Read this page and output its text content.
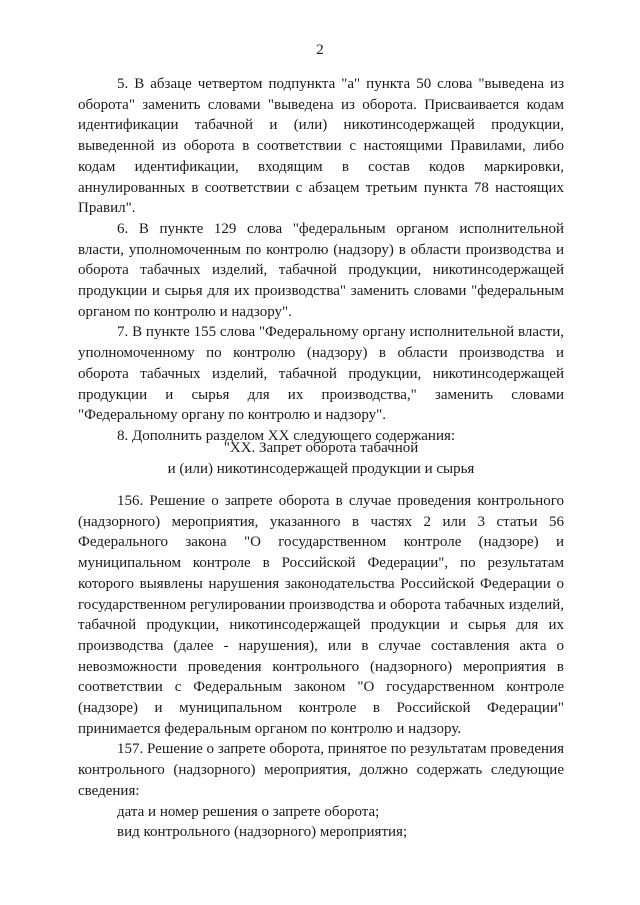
2

5. В абзаце четвертом подпункта "а" пункта 50 слова "выведена из оборота" заменить словами "выведена из оборота. Присваивается кодам идентификации табачной и (или) никотинсодержащей продукции, выведенной из оборота в соответствии с настоящими Правилами, либо кодам идентификации, входящим в состав кодов маркировки, аннулированных в соответствии с абзацем третьим пункта 78 настоящих Правил".

6. В пункте 129 слова "федеральным органом исполнительной власти, уполномоченным по контролю (надзору) в области производства и оборота табачных изделий, табачной продукции, никотинсодержащей продукции и сырья для их производства" заменить словами "федеральным органом по контролю и надзору".

7. В пункте 155 слова "Федеральному органу исполнительной власти, уполномоченному по контролю (надзору) в области производства и оборота табачных изделий, табачной продукции, никотинсодержащей продукции и сырья для их производства," заменить словами "Федеральному органу по контролю и надзору".

8. Дополнить разделом XX следующего содержания:

"XX. Запрет оборота табачной

и (или) никотинсодержащей продукции и сырья

156. Решение о запрете оборота в случае проведения контрольного (надзорного) мероприятия, указанного в частях 2 или 3 статьи 56 Федерального закона "О государственном контроле (надзоре) и муниципальном контроле в Российской Федерации", по результатам которого выявлены нарушения законодательства Российской Федерации о государственном регулировании производства и оборота табачных изделий, табачной продукции, никотинсодержащей продукции и сырья для их производства (далее - нарушения), или в случае составления акта о невозможности проведения контрольного (надзорного) мероприятия в соответствии с Федеральным законом "О государственном контроле (надзоре) и муниципальном контроле в Российской Федерации" принимается федеральным органом по контролю и надзору.

157. Решение о запрете оборота, принятое по результатам проведения контрольного (надзорного) мероприятия, должно содержать следующие сведения:

дата и номер решения о запрете оборота;

вид контрольного (надзорного) мероприятия;
